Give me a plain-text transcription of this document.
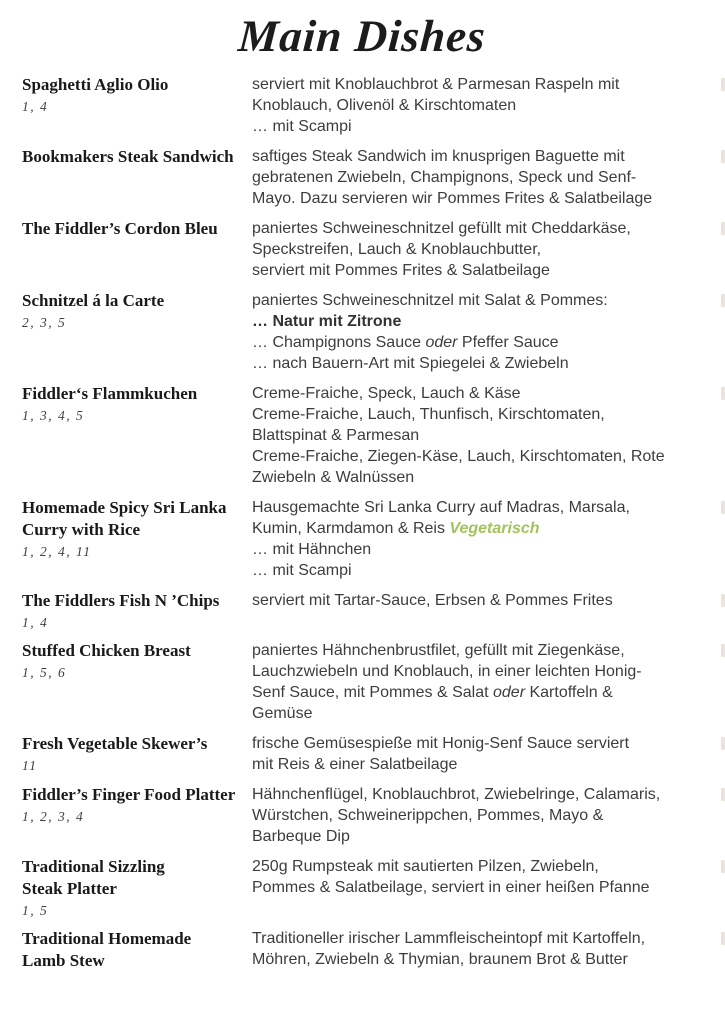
Main Dishes
Spaghetti Aglio Olio
1, 4
serviert mit Knoblauchbrot & Parmesan Raspeln mit
Knoblauch, Olivenöl & Kirschtomaten
… mit Scampi
Bookmakers Steak Sandwich	saftiges Steak Sandwich im knusprigen Baguette mit
gebratenen Zwiebeln, Champignons, Speck und Senf-
Mayo. Dazu servieren wir Pommes Frites & Salatbeilage
The Fiddler’s Cordon Bleu	paniertes Schweineschnitzel gefüllt mit Cheddarkäse,
Speckstreifen, Lauch & Knoblauchbutter,
serviert mit Pommes Frites & Salatbeilage
Schnitzel á la Carte
2, 3, 5
paniertes Schweineschnitzel mit Salat & Pommes:
… Natur mit Zitrone
… Champignons Sauce oder Pfeffer Sauce
… nach Bauern-Art mit Spiegelei & Zwiebeln
Fiddler‘s Flammkuchen
1, 3, 4, 5
Creme-Fraiche, Speck, Lauch & Käse
Creme-Fraiche, Lauch, Thunfisch, Kirschtomaten,
Blattspinat & Parmesan
Creme-Fraiche, Ziegen-Käse, Lauch, Kirschtomaten, Rote
Zwiebeln & Walnüssen
Homemade Spicy Sri Lanka
Curry with Rice
1, 2, 4, 11
Hausgemachte Sri Lanka Curry auf Madras, Marsala,
Kumin, Karmdamon & Reis Vegetarisch
… mit Hähnchen
… mit Scampi
The Fiddlers Fish N ’Chips
1, 4
serviert mit Tartar-Sauce, Erbsen & Pommes Frites
Stuffed Chicken Breast
1, 5, 6
paniertes Hähnchenbrustfilet, gefüllt mit Ziegenkäse,
Lauchzwiebeln und Knoblauch, in einer leichten Honig-
Senf Sauce, mit Pommes & Salat oder Kartoffeln &
Gemüse
Fresh Vegetable Skewer’s
11
frische Gemüsespieße mit Honig-Senf Sauce serviert
mit Reis & einer Salatbeilage
Fiddler’s Finger Food Platter
1, 2, 3, 4
Hähnchenflügel, Knoblauchbrot, Zwiebelringe, Calamaris,
Würstchen, Schweinerippchen, Pommes, Mayo &
Barbeque Dip
Traditional Sizzling
Steak Platter
1, 5
250g Rumpsteak mit sautierten Pilzen, Zwiebeln,
Pommes & Salatbeilage, serviert in einer heißen Pfanne
Traditional Homemade
Lamb Stew
Traditioneller irischer Lammfleischeintopf mit Kartoffeln,
Möhren, Zwiebeln & Thymian, braunem Brot & Butter
